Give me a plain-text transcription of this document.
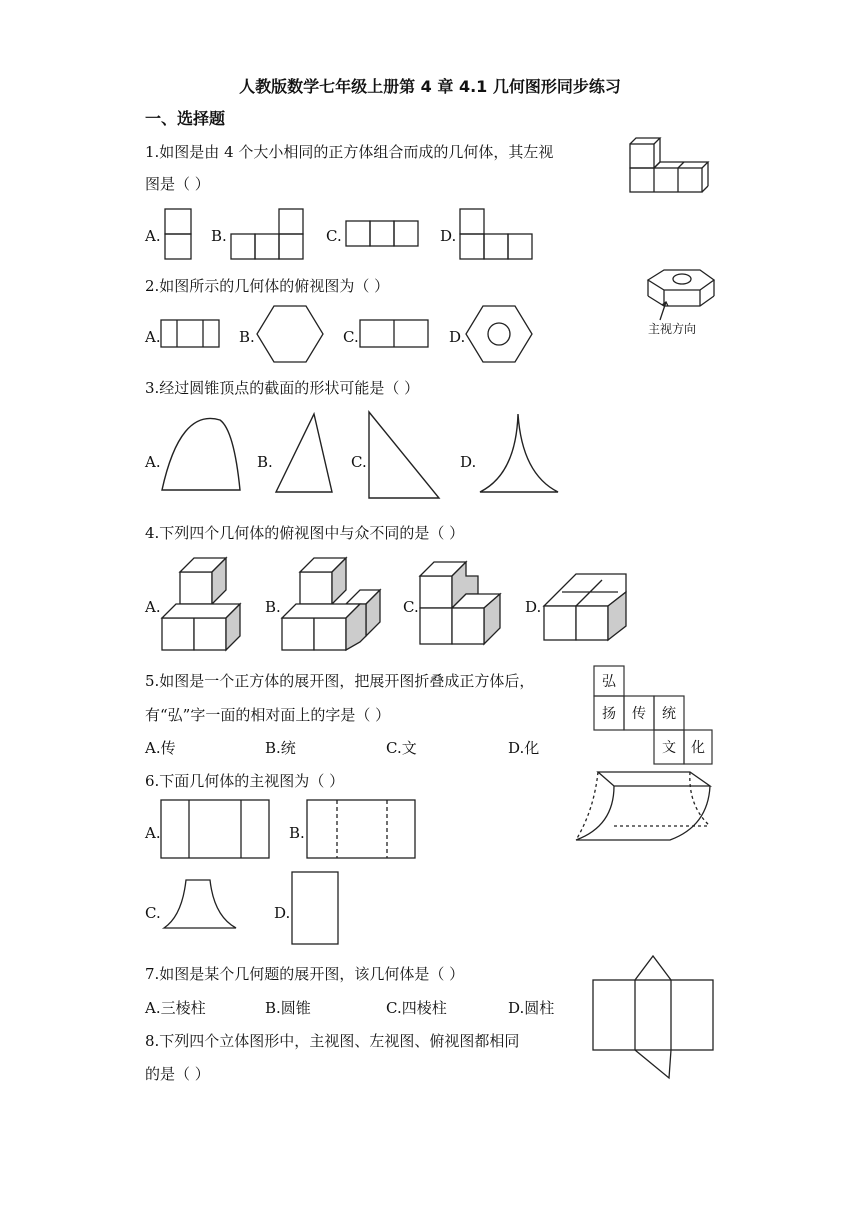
人教版数学七年级上册第 4 章 4.1 几何图形同步练习
一、选择题
1.如图是由 4 个大小相同的正方体组合而成的几何体，其左视
图是（ ）
A.	B.	C.	D.
2.如图所示的几何体的俯视图为（ ）
主视方向
A.	B.	C.	D.
3.经过圆锥顶点的截面的形状可能是（ ）
A.	B.	C.	D.
4.下列四个几何体的俯视图中与众不同的是（ ）
A.	B.	C.	D.
5.如图是一个正方体的展开图，把展开图折叠成正方体后，
有“弘”字一面的相对面上的字是（ ）
弘
扬 传 统
文 化
A.传	B.统	C.文	D.化
6.下面几何体的主视图为（ ）
A.	B.
C.	D.
7.如图是某个几何题的展开图，该几何体是（ ）
A.三棱柱	B.圆锥	C.四棱柱	D.圆柱
8.下列四个立体图形中，主视图、左视图、俯视图都相同
的是（ ）
